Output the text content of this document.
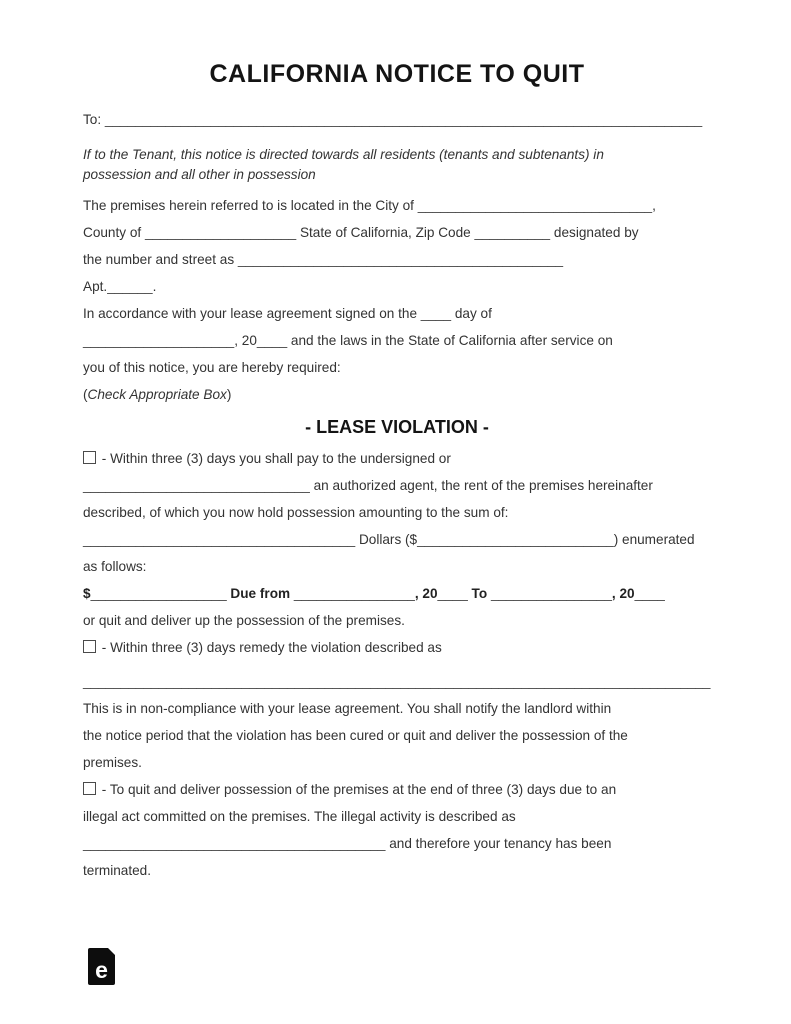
CALIFORNIA NOTICE TO QUIT
To: _______________________________________________________________________________
If to the Tenant, this notice is directed towards all residents (tenants and subtenants) in
possession and all other in possession
The premises herein referred to is located in the City of _______________________________,
County of ____________________ State of California, Zip Code __________ designated by
the number and street as ___________________________________________
Apt.______.
In accordance with your lease agreement signed on the ____ day of
____________________, 20____ and the laws in the State of California after service on
you of this notice, you are hereby required:
(Check Appropriate Box)
- LEASE VIOLATION -
- Within three (3) days you shall pay to the undersigned or
______________________________ an authorized agent, the rent of the premises hereinafter
described, of which you now hold possession amounting to the sum of:
____________________________________ Dollars ($__________________________) enumerated
as follows:
$__________________ Due from ________________, 20____ To ________________, 20____
or quit and deliver up the possession of the premises.
- Within three (3) days remedy the violation described as
___________________________________________________________________________________
This is in non-compliance with your lease agreement. You shall notify the landlord within
the notice period that the violation has been cured or quit and deliver the possession of the
premises.
- To quit and deliver possession of the premises at the end of three (3) days due to an
illegal act committed on the premises. The illegal activity is described as
________________________________________ and therefore your tenancy has been
terminated.
e
